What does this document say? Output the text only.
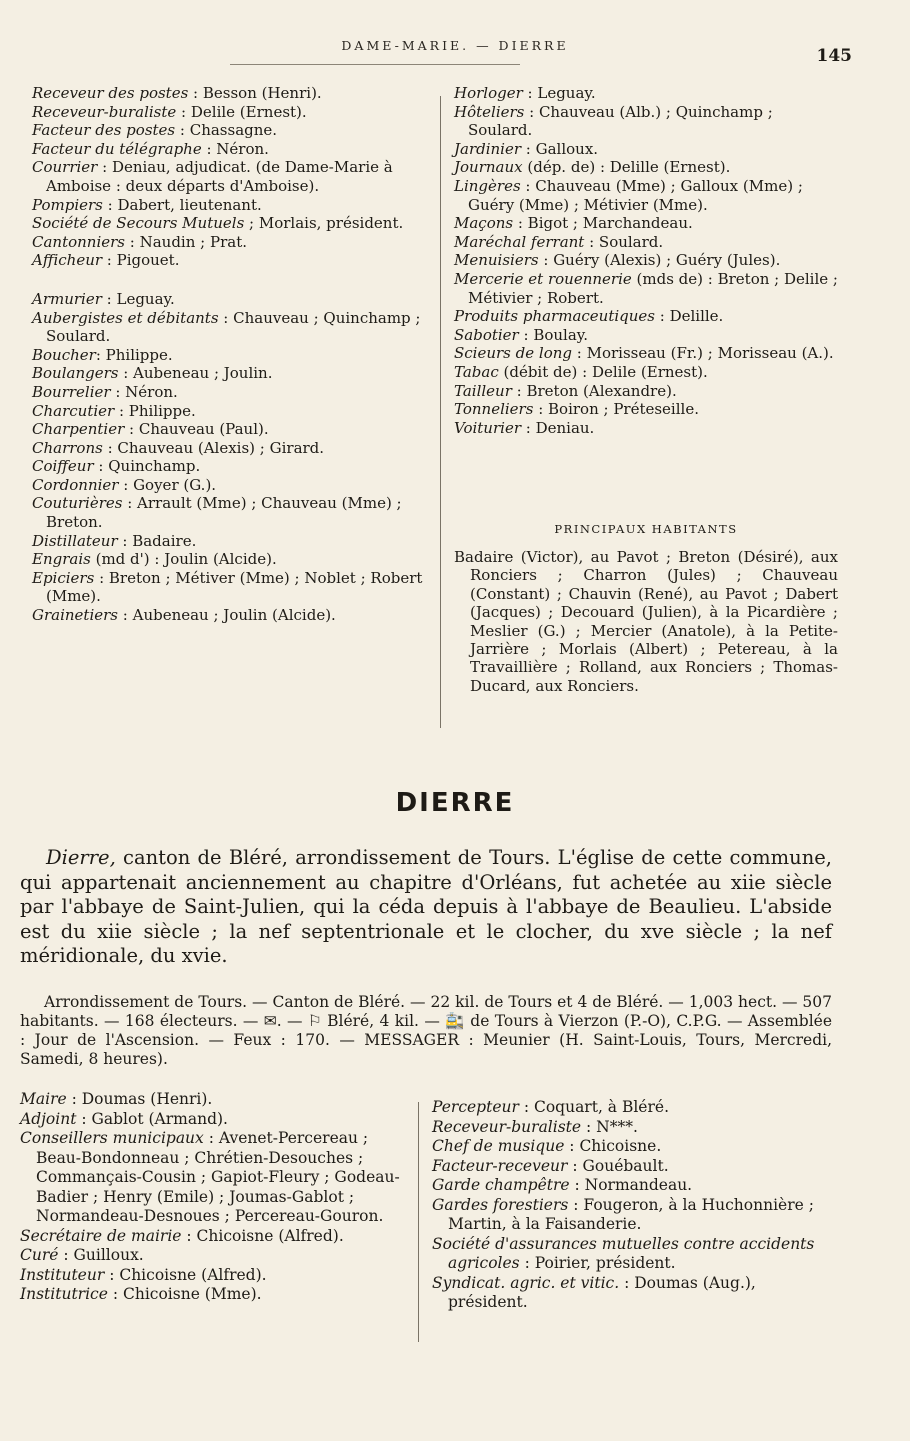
DAME-MARIE. — DIERRE
145
Receveur des postes : Besson (Henri).
Receveur-buraliste : Delile (Ernest).
Facteur des postes : Chassagne.
Facteur du télégraphe : Néron.
Courrier : Deniau, adjudicat. (de Dame-Marie à Amboise : deux départs d'Amboise).
Pompiers : Dabert, lieutenant.
Société de Secours Mutuels ; Morlais, président.
Cantonniers : Naudin ; Prat.
Afficheur : Pigouet.
Armurier : Leguay.
Aubergistes et débitants : Chauveau ; Quinchamp ; Soulard.
Boucher: Philippe.
Boulangers : Aubeneau ; Joulin.
Bourrelier : Néron.
Charcutier : Philippe.
Charpentier : Chauveau (Paul).
Charrons : Chauveau (Alexis) ; Girard.
Coiffeur : Quinchamp.
Cordonnier : Goyer (G.).
Couturières : Arrault (Mme) ; Chauveau (Mme) ; Breton.
Distillateur : Badaire.
Engrais (md d') : Joulin (Alcide).
Epiciers : Breton ; Métiver (Mme) ; Noblet ; Robert (Mme).
Grainetiers : Aubeneau ; Joulin (Alcide).
Horloger : Leguay.
Hôteliers : Chauveau (Alb.) ; Quinchamp ; Soulard.
Jardinier : Galloux.
Journaux (dép. de) : Delille (Ernest).
Lingères : Chauveau (Mme) ; Galloux (Mme) ; Guéry (Mme) ; Métivier (Mme).
Maçons : Bigot ; Marchandeau.
Maréchal ferrant : Soulard.
Menuisiers : Guéry (Alexis) ; Guéry (Jules).
Mercerie et rouennerie (mds de) : Breton ; Delile ; Métivier ; Robert.
Produits pharmaceutiques : Delille.
Sabotier : Boulay.
Scieurs de long : Morisseau (Fr.) ; Morisseau (A.).
Tabac (débit de) : Delile (Ernest).
Tailleur : Breton (Alexandre).
Tonneliers : Boiron ; Préteseille.
Voiturier : Deniau.
PRINCIPAUX HABITANTS
Badaire (Victor), au Pavot ; Breton (Désiré), aux Ronciers ; Charron (Jules) ; Chauveau (Constant) ; Chauvin (René), au Pavot ; Dabert (Jacques) ; Decouard (Julien), à la Picardière ; Meslier (G.) ; Mercier (Anatole), à la Petite-Jarrière ; Morlais (Albert) ; Petereau, à la Travaillière ; Rolland, aux Ronciers ; Thomas-Ducard, aux Ronciers.
DIERRE
Dierre, canton de Bléré, arrondissement de Tours. L'église de cette commune, qui appartenait anciennement au chapitre d'Orléans, fut achetée au xiie siècle par l'abbaye de Saint-Julien, qui la céda depuis à l'abbaye de Beaulieu. L'abside est du xiie siècle ; la nef septentrionale et le clocher, du xve siècle ; la nef méridionale, du xvie.
Arrondissement de Tours. — Canton de Bléré. — 22 kil. de Tours et 4 de Bléré. — 1,003 hect. — 507 habitants. — 168 électeurs. — ✉. — ⚐ Bléré, 4 kil. — 🚉 de Tours à Vierzon (P.-O), C.P.G. — Assemblée : Jour de l'Ascension. — Feux : 170. — MESSAGER : Meunier (H. Saint-Louis, Tours, Mercredi, Samedi, 8 heures).
Maire : Doumas (Henri).
Adjoint : Gablot (Armand).
Conseillers municipaux : Avenet-Percereau ; Beau-Bondonneau ; Chrétien-Desouches ; Commançais-Cousin ; Gapiot-Fleury ; Godeau-Badier ; Henry (Emile) ; Joumas-Gablot ; Normandeau-Desnoues ; Percereau-Gouron.
Secrétaire de mairie : Chicoisne (Alfred).
Curé : Guilloux.
Instituteur : Chicoisne (Alfred).
Institutrice : Chicoisne (Mme).
Percepteur : Coquart, à Bléré.
Receveur-buraliste : N***.
Chef de musique : Chicoisne.
Facteur-receveur : Gouébault.
Garde champêtre : Normandeau.
Gardes forestiers : Fougeron, à la Huchonnière ; Martin, à la Faisanderie.
Société d'assurances mutuelles contre accidents agricoles : Poirier, président.
Syndicat. agric. et vitic. : Doumas (Aug.), président.
